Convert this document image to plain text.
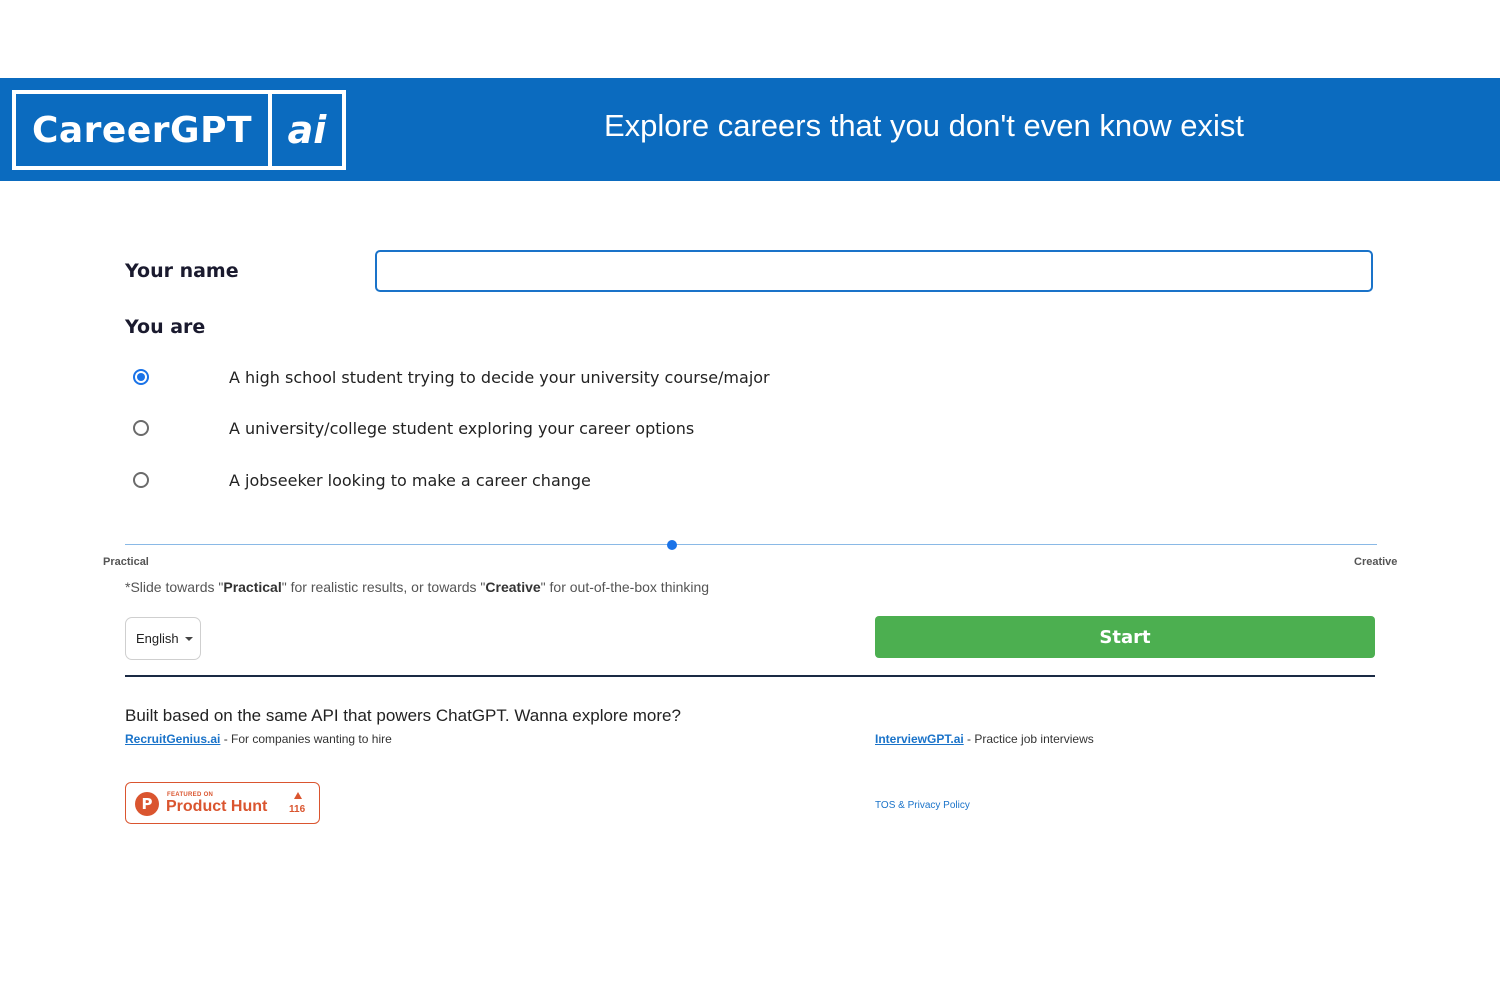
CareerGPT ai	Explore careers that you don't even know exist
Your name
You are
A high school student trying to decide your university course/major
A university/college student exploring your career options
A jobseeker looking to make a career change
Practical	Creative
*Slide towards "Practical" for realistic results, or towards "Creative" for out-of-the-box thinking
English	Start
Built based on the same API that powers ChatGPT. Wanna explore more?
RecruitGenius.ai - For companies wanting to hire	InterviewGPT.ai - Practice job interviews
P	FEATURED ON
Product Hunt 116	TOS & Privacy Policy
